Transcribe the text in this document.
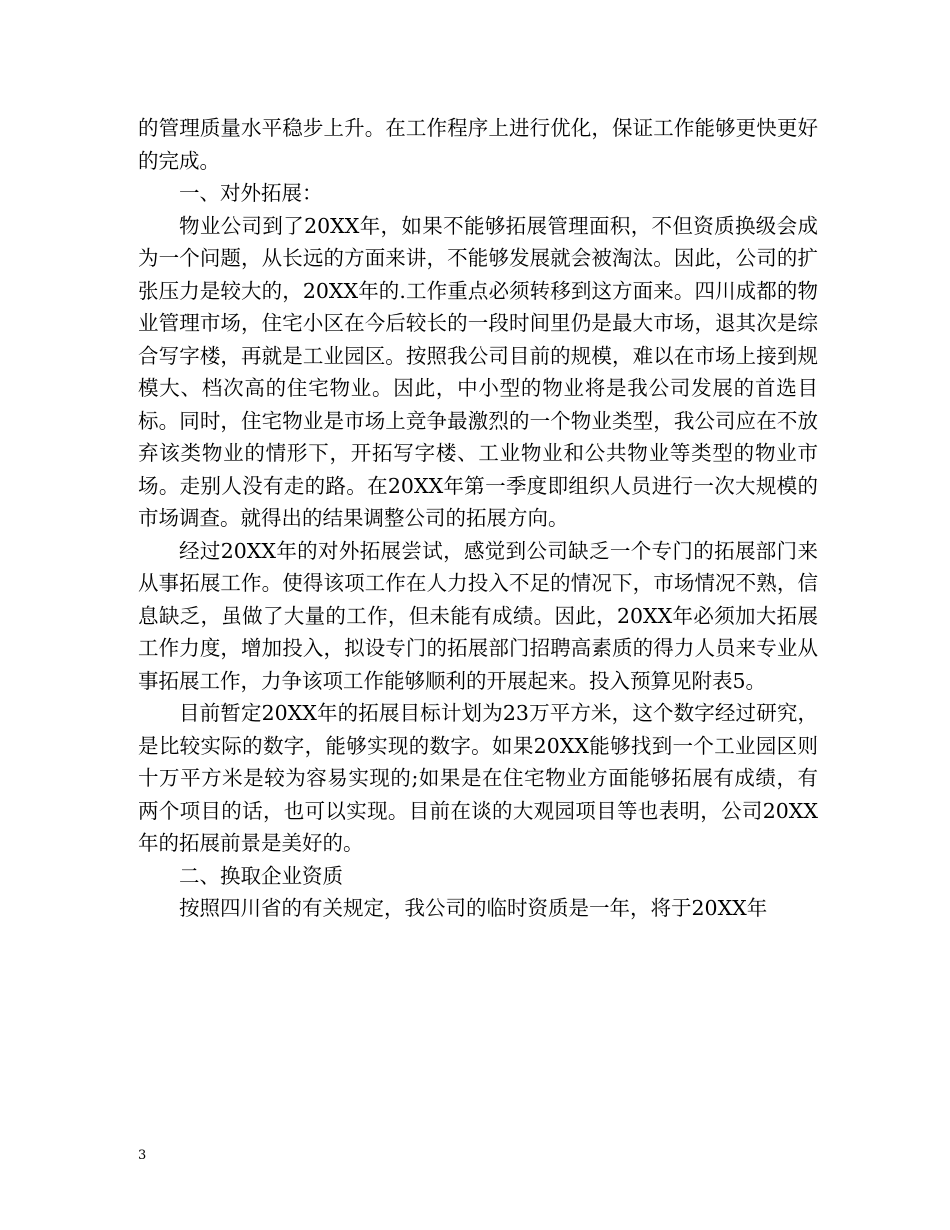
的管理质量水平稳步上升。在工作程序上进行优化，保证工作能够更快更好的完成。

一、对外拓展：

物业公司到了20XX年，如果不能够拓展管理面积，不但资质换级会成为一个问题，从长远的方面来讲，不能够发展就会被淘汰。因此，公司的扩张压力是较大的，20XX年的.工作重点必须转移到这方面来。四川成都的物业管理市场，住宅小区在今后较长的一段时间里仍是最大市场，退其次是综合写字楼，再就是工业园区。按照我公司目前的规模，难以在市场上接到规模大、档次高的住宅物业。因此，中小型的物业将是我公司发展的首选目标。同时，住宅物业是市场上竞争最激烈的一个物业类型，我公司应在不放弃该类物业的情形下，开拓写字楼、工业物业和公共物业等类型的物业市场。走别人没有走的路。在20XX年第一季度即组织人员进行一次大规模的市场调查。就得出的结果调整公司的拓展方向。

经过20XX年的对外拓展尝试，感觉到公司缺乏一个专门的拓展部门来从事拓展工作。使得该项工作在人力投入不足的情况下，市场情况不熟，信息缺乏，虽做了大量的工作，但未能有成绩。因此，20XX年必须加大拓展工作力度，增加投入，拟设专门的拓展部门招聘高素质的得力人员来专业从事拓展工作，力争该项工作能够顺利的开展起来。投入预算见附表5。

目前暂定20XX年的拓展目标计划为23万平方米，这个数字经过研究，是比较实际的数字，能够实现的数字。如果20XX能够找到一个工业园区则十万平方米是较为容易实现的;如果是在住宅物业方面能够拓展有成绩，有两个项目的话，也可以实现。目前在谈的大观园项目等也表明，公司20XX年的拓展前景是美好的。

二、换取企业资质

按照四川省的有关规定，我公司的临时资质是一年，将于20XX年

3
